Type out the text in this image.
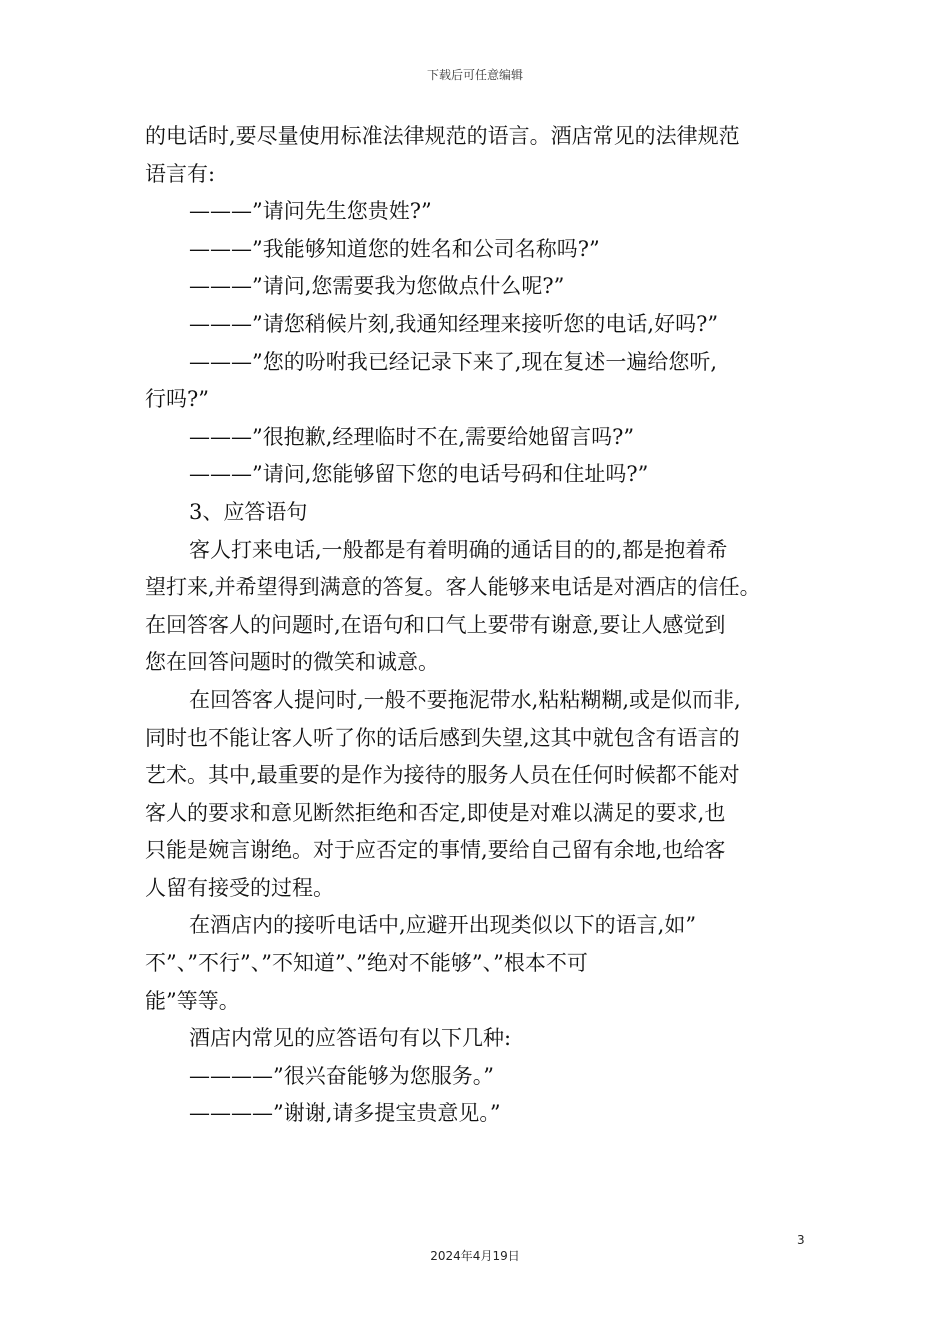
下载后可任意编辑
的电话时,要尽量使用标准法律规范的语言。酒店常见的法律规范
语言有:
———”请问先生您贵姓?”
———”我能够知道您的姓名和公司名称吗?”
———”请问,您需要我为您做点什么呢?”
———”请您稍候片刻,我通知经理来接听您的电话,好吗?”
———”您的吩咐我已经记录下来了,现在复述一遍给您听,
行吗?”
———”很抱歉,经理临时不在,需要给她留言吗?”
———”请问,您能够留下您的电话号码和住址吗?”
3、应答语句
客人打来电话,一般都是有着明确的通话目的的,都是抱着希
望打来,并希望得到满意的答复。客人能够来电话是对酒店的信任。
在回答客人的问题时,在语句和口气上要带有谢意,要让人感觉到
您在回答问题时的微笑和诚意。
在回答客人提问时,一般不要拖泥带水,粘粘糊糊,或是似而非,
同时也不能让客人听了你的话后感到失望,这其中就包含有语言的
艺术。其中,最重要的是作为接待的服务人员在任何时候都不能对
客人的要求和意见断然拒绝和否定,即使是对难以满足的要求,也
只能是婉言谢绝。对于应否定的事情,要给自己留有余地,也给客
人留有接受的过程。
在酒店内的接听电话中,应避开出现类似以下的语言,如”
不”、”不行”、”不知道”、”绝对不能够”、”根本不可
能”等等。
酒店内常见的应答语句有以下几种:
————”很兴奋能够为您服务。”
————”谢谢,请多提宝贵意见。”
3
2024年4月19日
